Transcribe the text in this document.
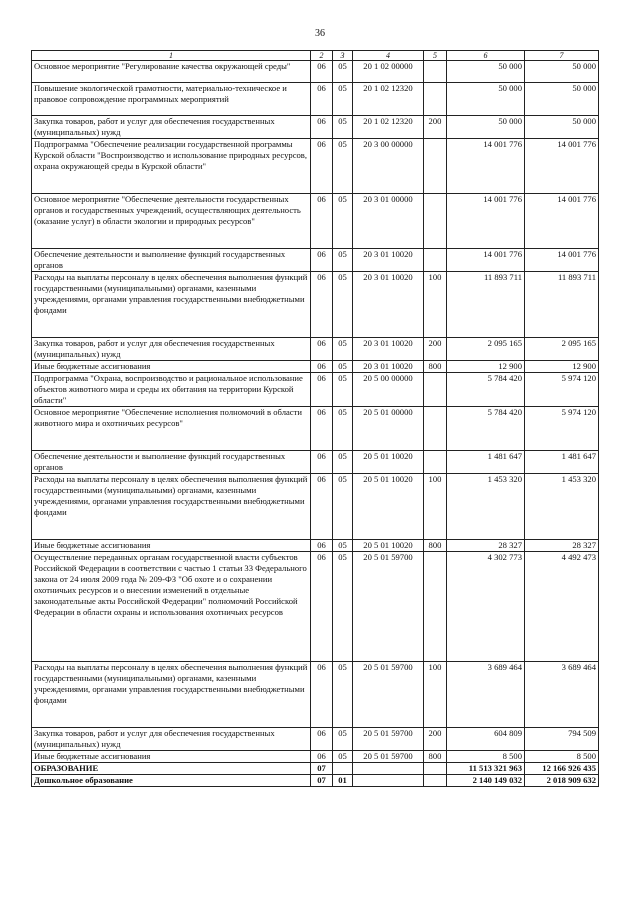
36
1	2	3	4	5	6	7
Основное мероприятие "Регулирование качества окружающей среды"	06	05	20 1 02 00000		50 000	50 000
Повышение экологической грамотности, материально-техническое и правовое сопровождение программных мероприятий	06	05	20 1 02 12320		50 000	50 000
Закупка товаров, работ и услуг для обеспечения государственных (муниципальных) нужд	06	05	20 1 02 12320	200	50 000	50 000
Подпрограмма "Обеспечение реализации государственной программы Курской области "Воспроизводство и использование природных ресурсов, охрана окружающей среды в Курской области"	06	05	20 3 00 00000		14 001 776	14 001 776
Основное мероприятие "Обеспечение деятельности государственных органов и государственных учреждений, осуществляющих деятельность (оказание услуг) в области экологии и природных ресурсов"	06	05	20 3 01 00000		14 001 776	14 001 776
Обеспечение деятельности и выполнение функций государственных органов	06	05	20 3 01 10020		14 001 776	14 001 776
Расходы на выплаты персоналу в целях обеспечения выполнения функций государственными (муниципальными) органами, казенными учреждениями, органами управления государственными внебюджетными фондами	06	05	20 3 01 10020	100	11 893 711	11 893 711
Закупка товаров, работ и услуг для обеспечения государственных (муниципальных) нужд	06	05	20 3 01 10020	200	2 095 165	2 095 165
Иные бюджетные ассигнования	06	05	20 3 01 10020	800	12 900	12 900
Подпрограмма "Охрана, воспроизводство и рациональное использование объектов животного мира и среды их обитания на территории Курской области"	06	05	20 5 00 00000		5 784 420	5 974 120
Основное мероприятие "Обеспечение исполнения полномочий в области животного мира и охотничьих ресурсов"	06	05	20 5 01 00000		5 784 420	5 974 120
Обеспечение деятельности и выполнение функций государственных органов	06	05	20 5 01 10020		1 481 647	1 481 647
Расходы на выплаты персоналу в целях обеспечения выполнения функций государственными (муниципальными) органами, казенными учреждениями, органами управления государственными внебюджетными фондами	06	05	20 5 01 10020	100	1 453 320	1 453 320
Иные бюджетные ассигнования	06	05	20 5 01 10020	800	28 327	28 327
Осуществление переданных органам государственной власти субъектов Российской Федерации в соответствии с частью 1 статьи 33 Федерального закона от 24 июля 2009 года № 209-ФЗ "Об охоте и о сохранении охотничьих ресурсов и о внесении изменений в отдельные законодательные акты Российской Федерации" полномочий Российской Федерации в области охраны и использования охотничьих ресурсов	06	05	20 5 01 59700		4 302 773	4 492 473
Расходы на выплаты персоналу в целях обеспечения выполнения функций государственными (муниципальными) органами, казенными учреждениями, органами управления государственными внебюджетными фондами	06	05	20 5 01 59700	100	3 689 464	3 689 464
Закупка товаров, работ и услуг для обеспечения государственных (муниципальных) нужд	06	05	20 5 01 59700	200	604 809	794 509
Иные бюджетные ассигнования	06	05	20 5 01 59700	800	8 500	8 500
ОБРАЗОВАНИЕ	07				11 513 321 963	12 166 926 435
Дошкольное образование	07	01			2 140 149 032	2 018 909 632
